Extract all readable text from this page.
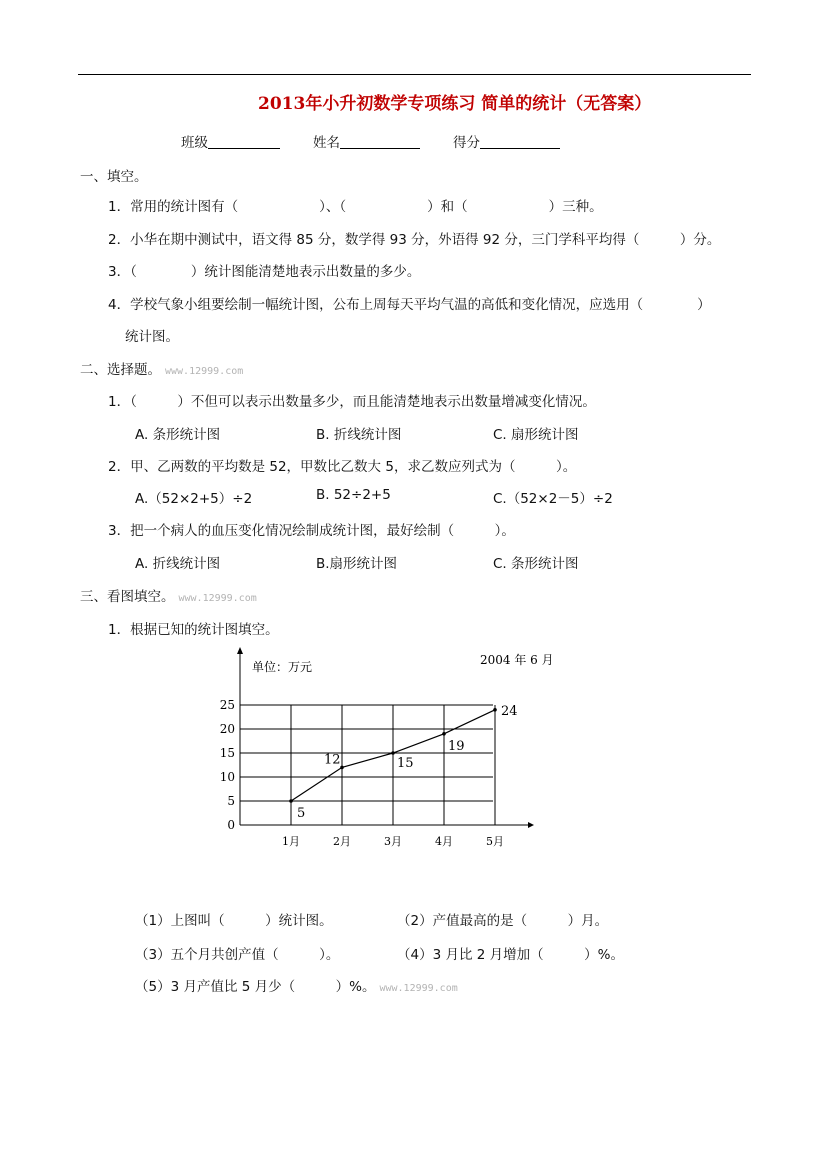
2013年小升初数学专项练习 简单的统计（无答案）
班级	姓名	得分
一、填空。
1．常用的统计图有（　　　　　　）、（　　　　　　）和（　　　　　　）三种。
2．小华在期中测试中，语文得 85 分，数学得 93 分，外语得 92 分，三门学科平均得（　　　）分。
3．（　　　　）统计图能清楚地表示出数量的多少。
4．学校气象小组要绘制一幅统计图，公布上周每天平均气温的高低和变化情况，应选用（　　　　）
统计图。
二、选择题。 www.12999.com
1．（　　　）不但可以表示出数量多少，而且能清楚地表示出数量增减变化情况。
A. 条形统计图	B. 折线统计图	C. 扇形统计图
2．甲、乙两数的平均数是 52，甲数比乙数大 5，求乙数应列式为（　　　）。
A.（52×2+5）÷2	B. 52÷2+5	C.（52×2－5）÷2
3．把一个病人的血压变化情况绘制成统计图，最好绘制（　　　）。
A. 折线统计图	B.扇形统计图	C. 条形统计图
三、看图填空。 www.12999.com
1．根据已知的统计图填空。
0
5
10
15
20
25
1月	2月	3月	4月	5月
单位：万元	2004 年 6 月
5
12	15
19
24
（1）上图叫（　　　）统计图。	（2）产值最高的是（　　　）月。
（3）五个月共创产值（　　　）。	（4）3 月比 2 月增加（　　　）%。
（5）3 月产值比 5 月少（　　　）%。 www.12999.com
